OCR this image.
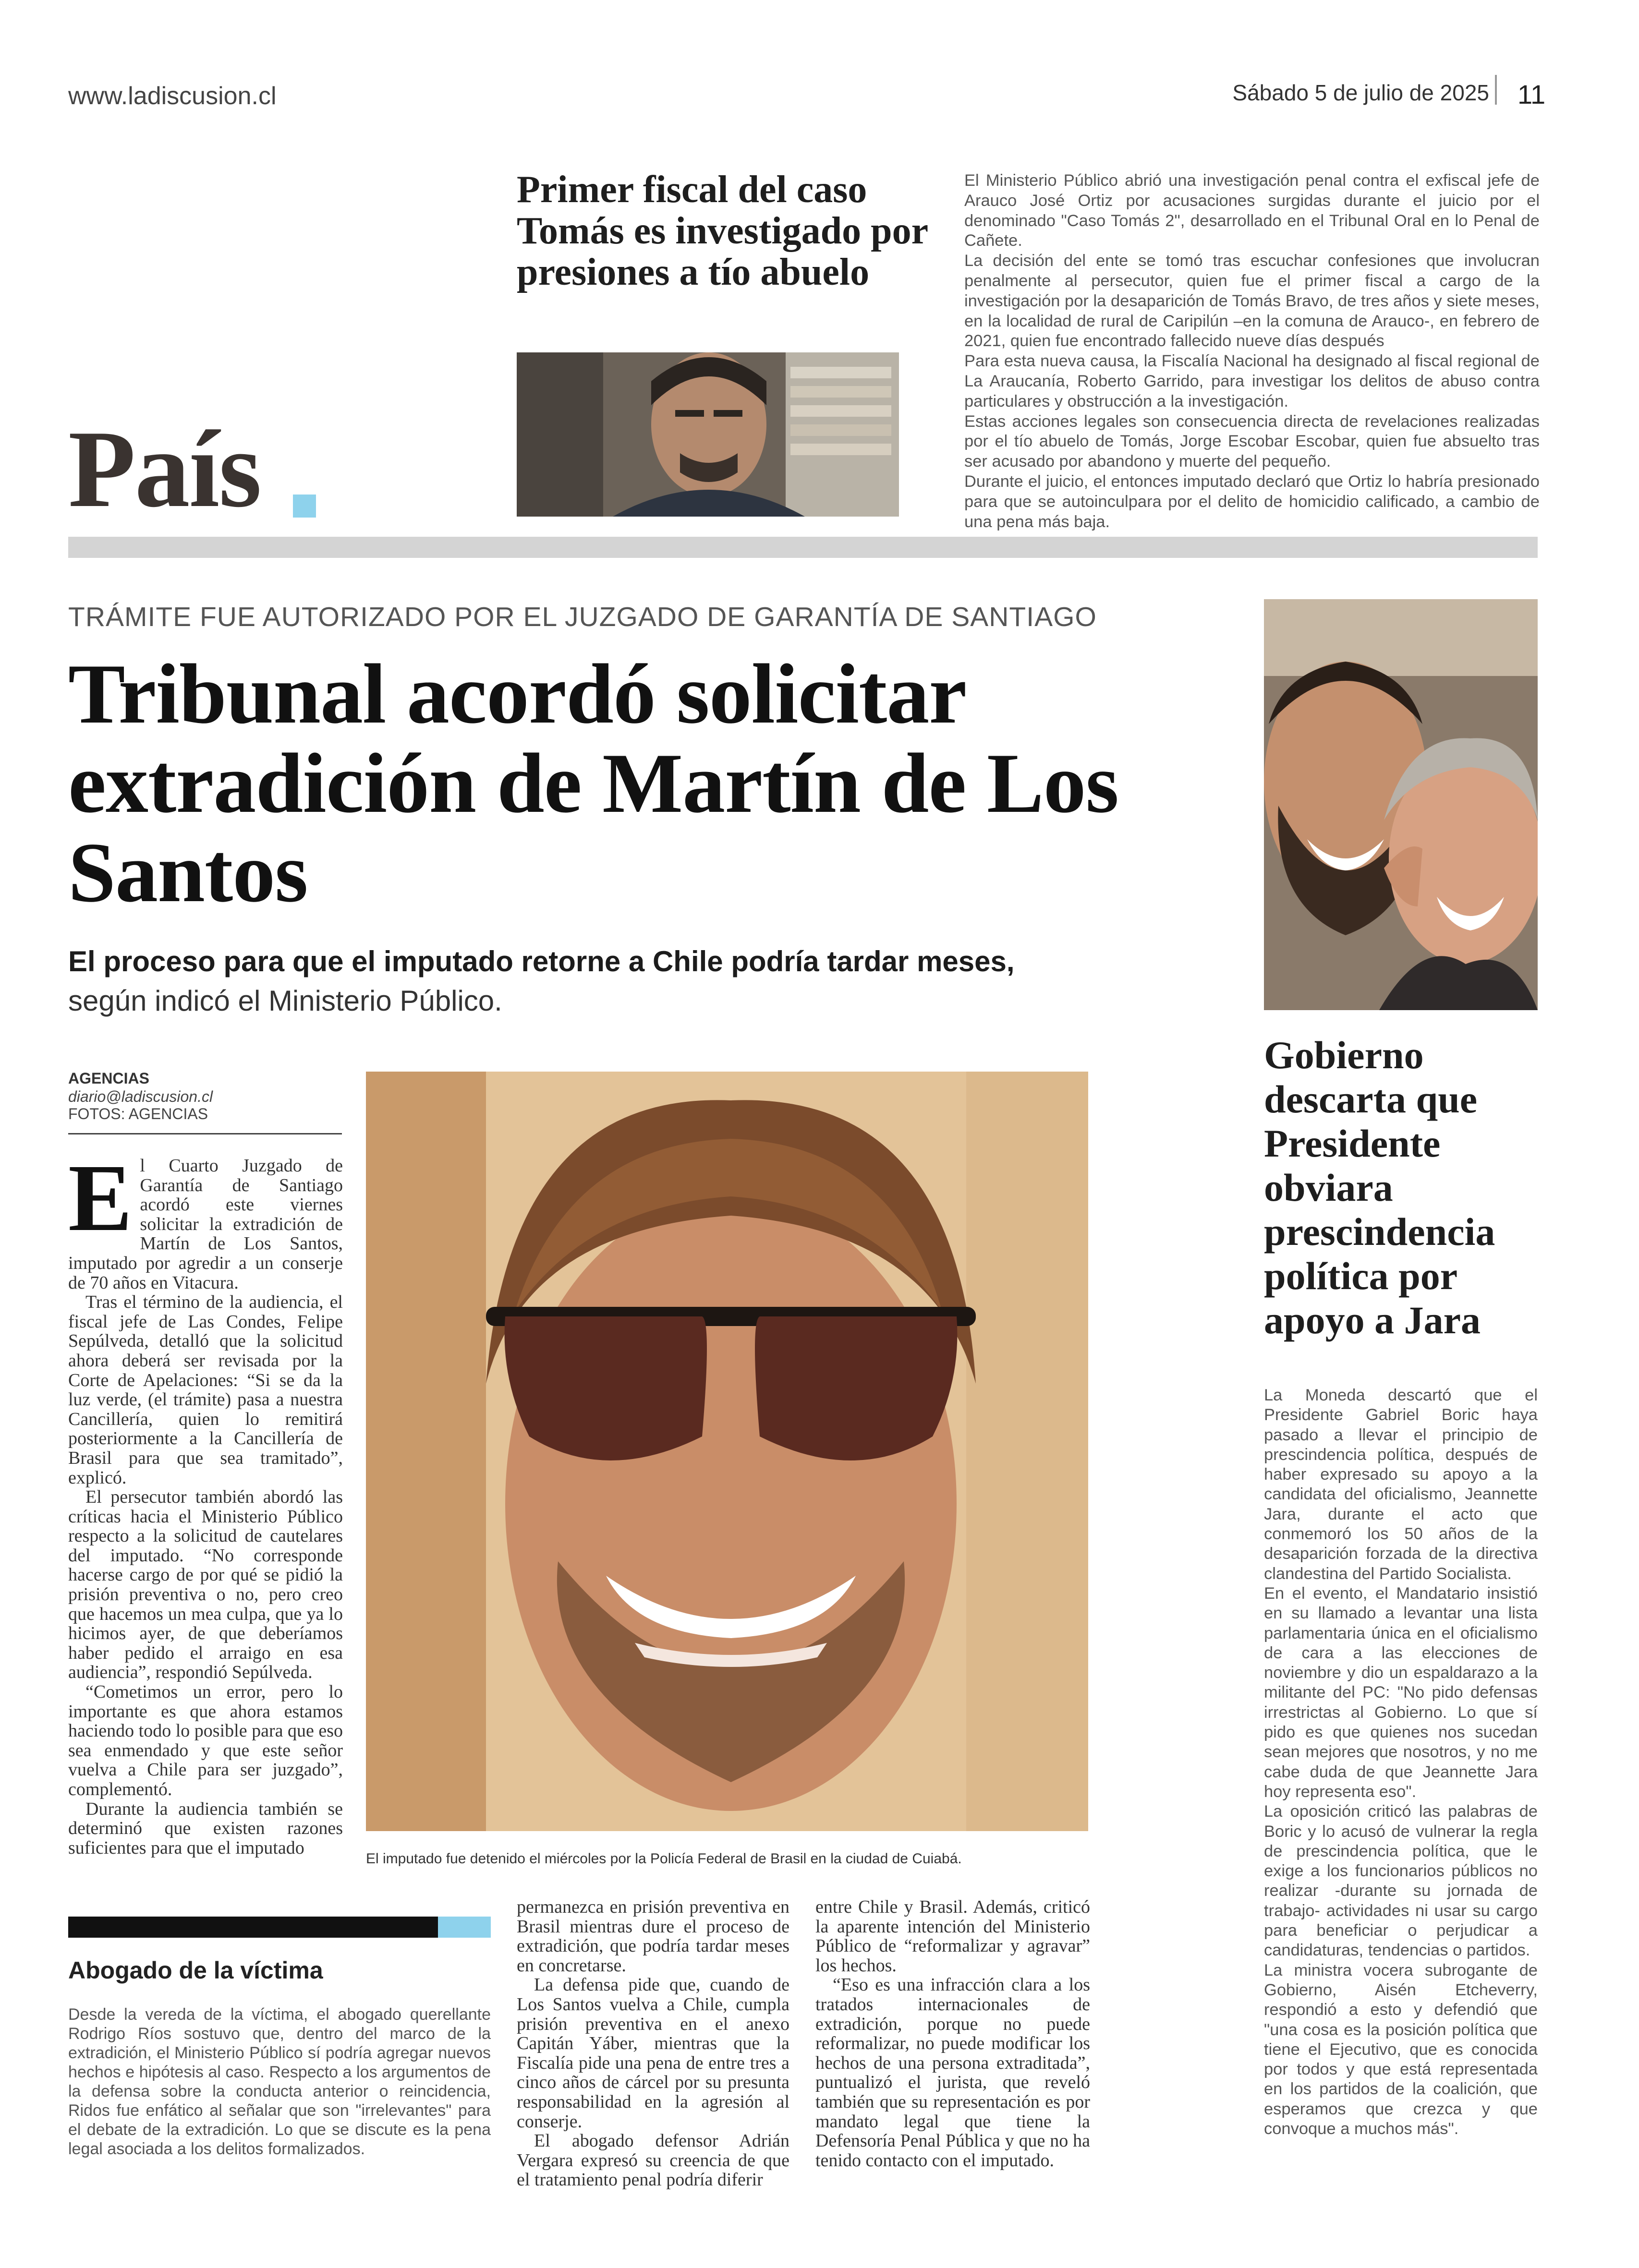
www.ladiscusion.cl	Sábado 5 de julio de 2025 11
País
Primer fiscal del caso Tomás es investigado por presiones a tío abuelo

El Ministerio Público abrió una investigación penal contra el exfiscal jefe de Arauco José Ortiz por acusaciones surgidas durante el juicio por el denominado "Caso Tomás 2", desarrollado en el Tribunal Oral en lo Penal de Cañete.

La decisión del ente se tomó tras escuchar confesiones que involucran penalmente al persecutor, quien fue el primer fiscal a cargo de la investigación por la desaparición de Tomás Bravo, de tres años y siete meses, en la localidad de rural de Caripilún –en la comuna de Arauco-, en febrero de 2021, quien fue encontrado fallecido nueve días después

Para esta nueva causa, la Fiscalía Nacional ha designado al fiscal regional de La Araucanía, Roberto Garrido, para investigar los delitos de abuso contra particulares y obstrucción a la investigación.

Estas acciones legales son consecuencia directa de revelaciones realizadas por el tío abuelo de Tomás, Jorge Escobar Escobar, quien fue absuelto tras ser acusado por abandono y muerte del pequeño.

Durante el juicio, el entonces imputado declaró que Ortiz lo habría presionado para que se autoinculpara por el delito de homicidio calificado, a cambio de una pena más baja.

TRÁMITE FUE AUTORIZADO POR EL JUZGADO DE GARANTÍA DE SANTIAGO
Tribunal acordó solicitar extradición de Martín de Los Santos
El proceso para que el imputado retorne a Chile podría tardar meses, según indicó el Ministerio Público.
AGENCIAS
diario@ladiscusion.cl
FOTOS: AGENCIAS
E l Cuarto Juzgado de Garantía de Santiago acordó este viernes solicitar la extradición de Martín de Los Santos, imputado por agredir a un conserje de 70 años en Vitacura.

Tras el término de la audiencia, el fiscal jefe de Las Condes, Felipe Sepúlveda, detalló que la solicitud ahora deberá ser revisada por la Corte de Apelaciones: “Si se da la luz verde, (el trámite) pasa a nuestra Cancillería, quien lo remitirá posteriormente a la Cancillería de Brasil para que sea tramitado”, explicó.

El persecutor también abordó las críticas hacia el Ministerio Público respecto a la solicitud de cautelares del imputado. “No corresponde hacerse cargo de por qué se pidió la prisión preventiva o no, pero creo que hacemos un mea culpa, que ya lo hicimos ayer, de que deberíamos haber pedido el arraigo en esa audiencia”, respondió Sepúlveda.

“Cometimos un error, pero lo importante es que ahora estamos haciendo todo lo posible para que eso sea enmendado y que este señor vuelva a Chile para ser juzgado”, complementó.

Durante la audiencia también se determinó que existen razones suficientes para que el imputado

El imputado fue detenido el miércoles por la Policía Federal de Brasil en la ciudad de Cuiabá.

permanezca en prisión preventiva en Brasil mientras dure el proceso de extradición, que podría tardar meses en concretarse.

La defensa pide que, cuando de Los Santos vuelva a Chile, cumpla prisión preventiva en el anexo Capitán Yáber, mientras que la Fiscalía pide una pena de entre tres a cinco años de cárcel por su presunta responsabilidad en la agresión al conserje.

El abogado defensor Adrián Vergara expresó su creencia de que el tratamiento penal podría diferir

entre Chile y Brasil. Además, criticó la aparente intención del Ministerio Público de “reformalizar y agravar” los hechos.

“Eso es una infracción clara a los tratados internacionales de extradición, porque no puede reformalizar, no puede modificar los hechos de una persona extraditada”, puntualizó el jurista, que reveló también que su representación es por mandato legal que tiene la Defensoría Penal Pública y que no ha tenido contacto con el imputado.

Abogado de la víctima
Desde la vereda de la víctima, el abogado querellante Rodrigo Ríos sostuvo que, dentro del marco de la extradición, el Ministerio Público sí podría agregar nuevos hechos e hipótesis al caso. Respecto a los argumentos de la defensa sobre la conducta anterior o reincidencia, Ridos fue enfático al señalar que son "irrelevantes" para el debate de la extradición. Lo que se discute es la pena legal asociada a los delitos formalizados.
Gobierno descarta que Presidente obviara prescindencia política por apoyo a Jara

La Moneda descartó que el Presidente Gabriel Boric haya pasado a llevar el principio de prescindencia política, después de haber expresado su apoyo a la candidata del oficialismo, Jeannette Jara, durante el acto que conmemoró los 50 años de la desaparición forzada de la directiva clandestina del Partido Socialista.

En el evento, el Mandatario insistió en su llamado a levantar una lista parlamentaria única en el oficialismo de cara a las elecciones de noviembre y dio un espaldarazo a la militante del PC: "No pido defensas irrestrictas al Gobierno. Lo que sí pido es que quienes nos sucedan sean mejores que nosotros, y no me cabe duda de que Jeannette Jara hoy representa eso".

La oposición criticó las palabras de Boric y lo acusó de vulnerar la regla de prescindencia política, que le exige a los funcionarios públicos no realizar -durante su jornada de trabajo- actividades ni usar su cargo para beneficiar o perjudicar a candidaturas, tendencias o partidos.

La ministra vocera subrogante de Gobierno, Aisén Etcheverry, respondió a esto y defendió que "una cosa es la posición política que tiene el Ejecutivo, que es conocida por todos y que está representada en los partidos de la coalición, que esperamos que crezca y que convoque a muchos más".
